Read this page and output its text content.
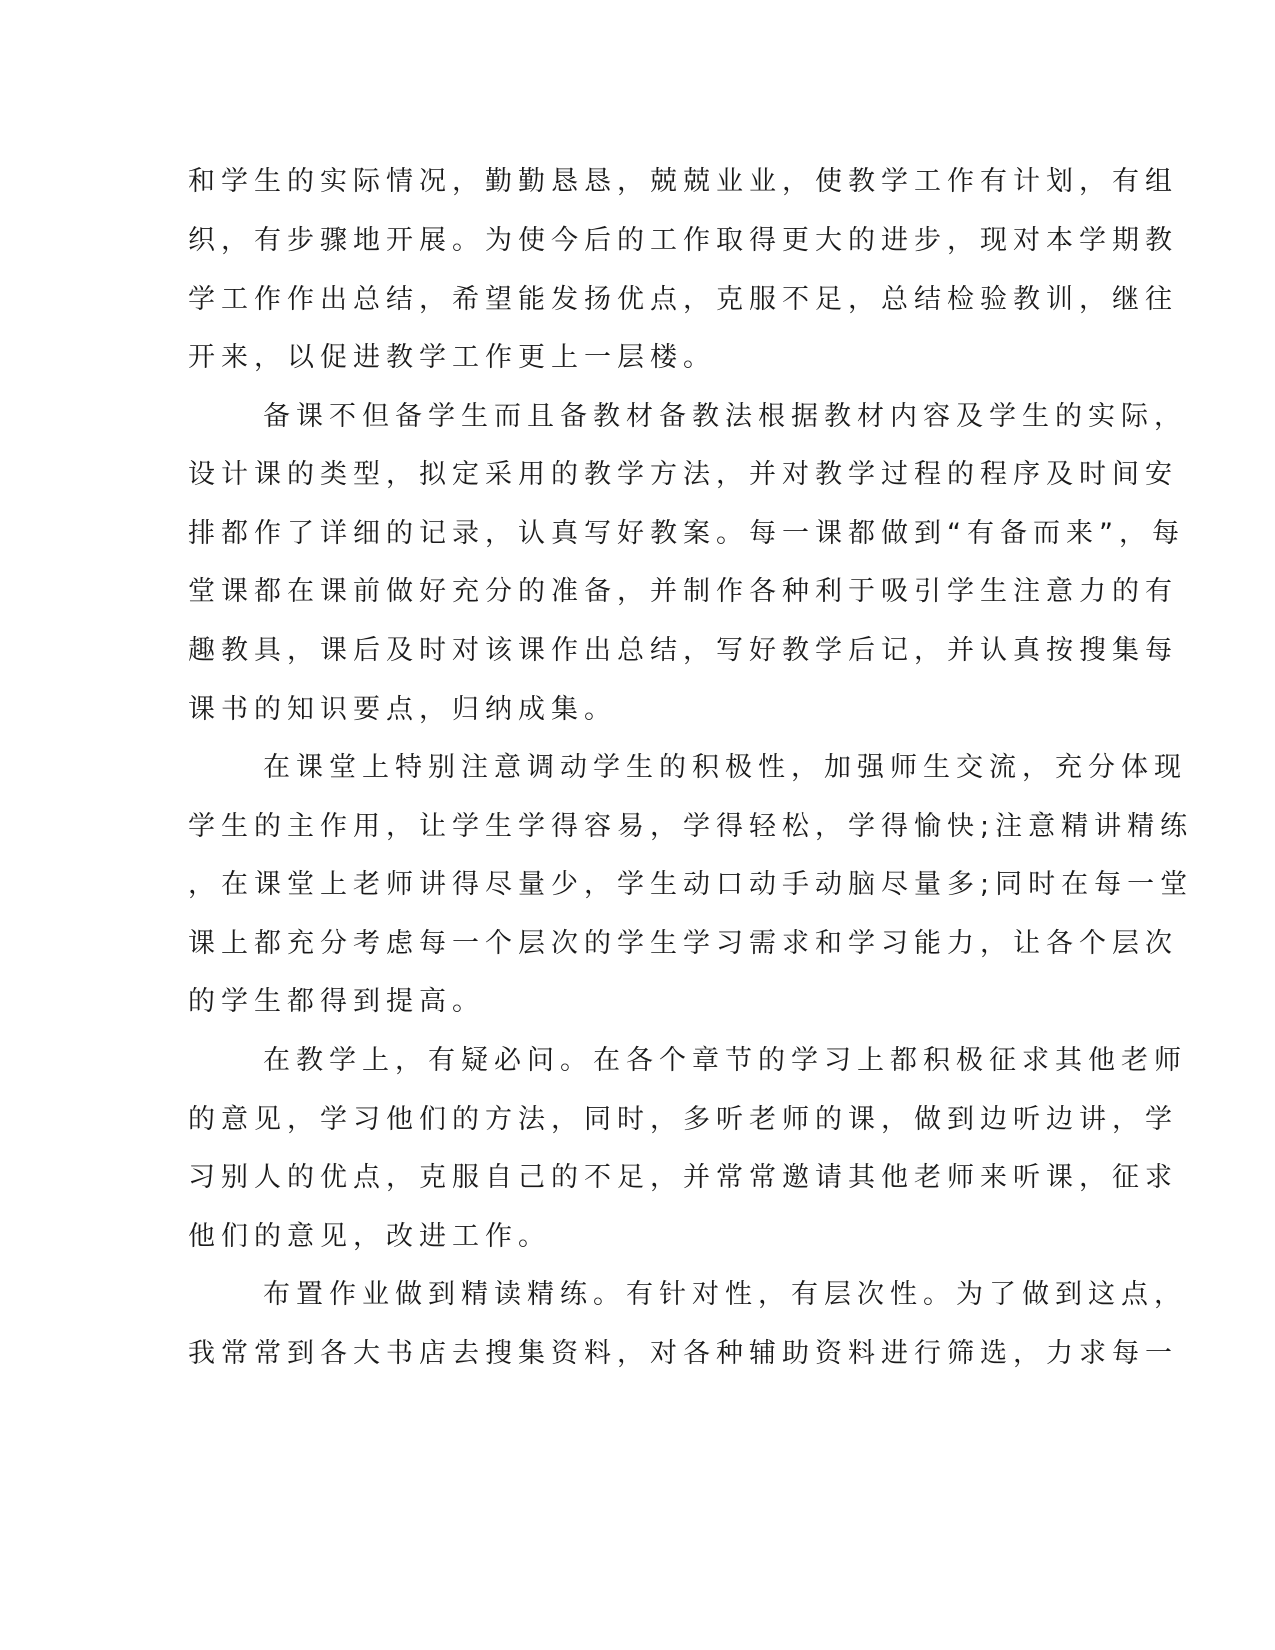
和学生的实际情况，勤勤恳恳，兢兢业业，使教学工作有计划，有组
织，有步骤地开展。为使今后的工作取得更大的进步，现对本学期教
学工作作出总结，希望能发扬优点，克服不足，总结检验教训，继往
开来，以促进教学工作更上一层楼。
备课不但备学生而且备教材备教法根据教材内容及学生的实际，
设计课的类型，拟定采用的教学方法，并对教学过程的程序及时间安
排都作了详细的记录，认真写好教案。每一课都做到“有备而来”，每
堂课都在课前做好充分的准备，并制作各种利于吸引学生注意力的有
趣教具，课后及时对该课作出总结，写好教学后记，并认真按搜集每
课书的知识要点，归纳成集。
在课堂上特别注意调动学生的积极性，加强师生交流，充分体现
学生的主作用，让学生学得容易，学得轻松，学得愉快;注意精讲精练
，在课堂上老师讲得尽量少，学生动口动手动脑尽量多;同时在每一堂
课上都充分考虑每一个层次的学生学习需求和学习能力，让各个层次
的学生都得到提高。
在教学上，有疑必问。在各个章节的学习上都积极征求其他老师
的意见，学习他们的方法，同时，多听老师的课，做到边听边讲，学
习别人的优点，克服自己的不足，并常常邀请其他老师来听课，征求
他们的意见，改进工作。
布置作业做到精读精练。有针对性，有层次性。为了做到这点，
我常常到各大书店去搜集资料，对各种辅助资料进行筛选，力求每一
